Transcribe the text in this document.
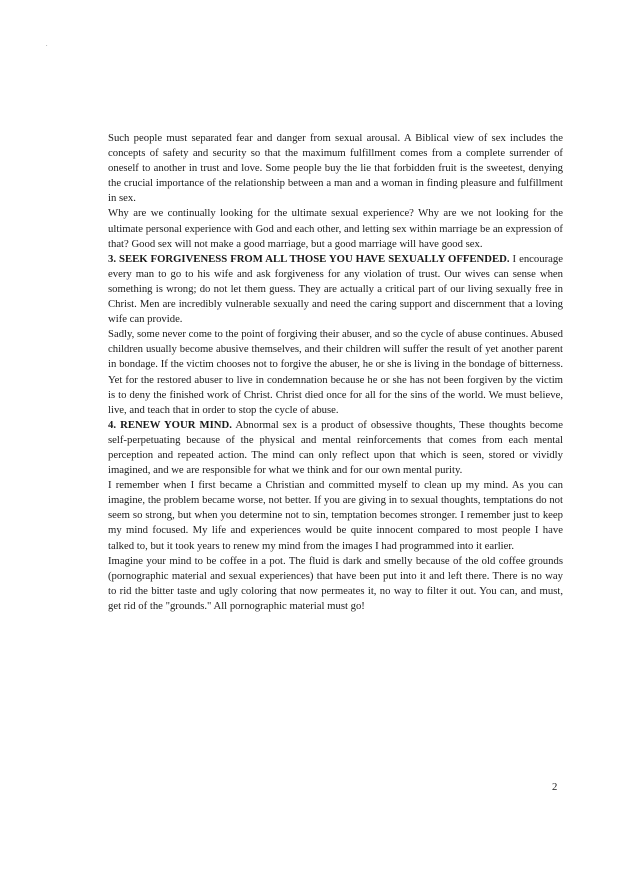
.

Such people must separated fear and danger from sexual arousal. A Biblical view of sex includes the concepts of safety and security so that the maximum fulfillment comes from a complete surrender of oneself to another in trust and love. Some people buy the lie that forbidden fruit is the sweetest, denying the crucial importance of the relationship between a man and a woman in finding pleasure and fulfillment in sex.

Why are we continually looking for the ultimate sexual experience? Why are we not looking for the ultimate personal experience with God and each other, and letting sex within marriage be an expression of that? Good sex will not make a good marriage, but a good marriage will have good sex.

3. SEEK FORGIVENESS FROM ALL THOSE YOU HAVE SEXUALLY OFFENDED. I encourage every man to go to his wife and ask forgiveness for any violation of trust. Our wives can sense when something is wrong; do not let them guess. They are actually a critical part of our living sexually free in Christ. Men are incredibly vulnerable sexually and need the caring support and discernment that a loving wife can provide.

Sadly, some never come to the point of forgiving their abuser, and so the cycle of abuse continues. Abused children usually become abusive themselves, and their children will suffer the result of yet another parent in bondage. If the victim chooses not to forgive the abuser, he or she is living in the bondage of bitterness. Yet for the restored abuser to live in condemnation because he or she has not been forgiven by the victim is to deny the finished work of Christ. Christ died once for all for the sins of the world. We must believe, live, and teach that in order to stop the cycle of abuse.

4. RENEW YOUR MIND. Abnormal sex is a product of obsessive thoughts, These thoughts become self-perpetuating because of the physical and mental reinforcements that comes from each mental perception and repeated action. The mind can only reflect upon that which is seen, stored or vividly imagined, and we are responsible for what we think and for our own mental purity.

I remember when I first became a Christian and committed myself to clean up my mind. As you can imagine, the problem became worse, not better. If you are giving in to sexual thoughts, temptations do not seem so strong, but when you determine not to sin, temptation becomes stronger. I remember just to keep my mind focused. My life and experiences would be quite innocent compared to most people I have talked to, but it took years to renew my mind from the images I had programmed into it earlier.

Imagine your mind to be coffee in a pot. The fluid is dark and smelly because of the old coffee grounds (pornographic material and sexual experiences) that have been put into it and left there. There is no way to rid the bitter taste and ugly coloring that now permeates it, no way to filter it out. You can, and must, get rid of the "grounds." All pornographic material must go!

2
